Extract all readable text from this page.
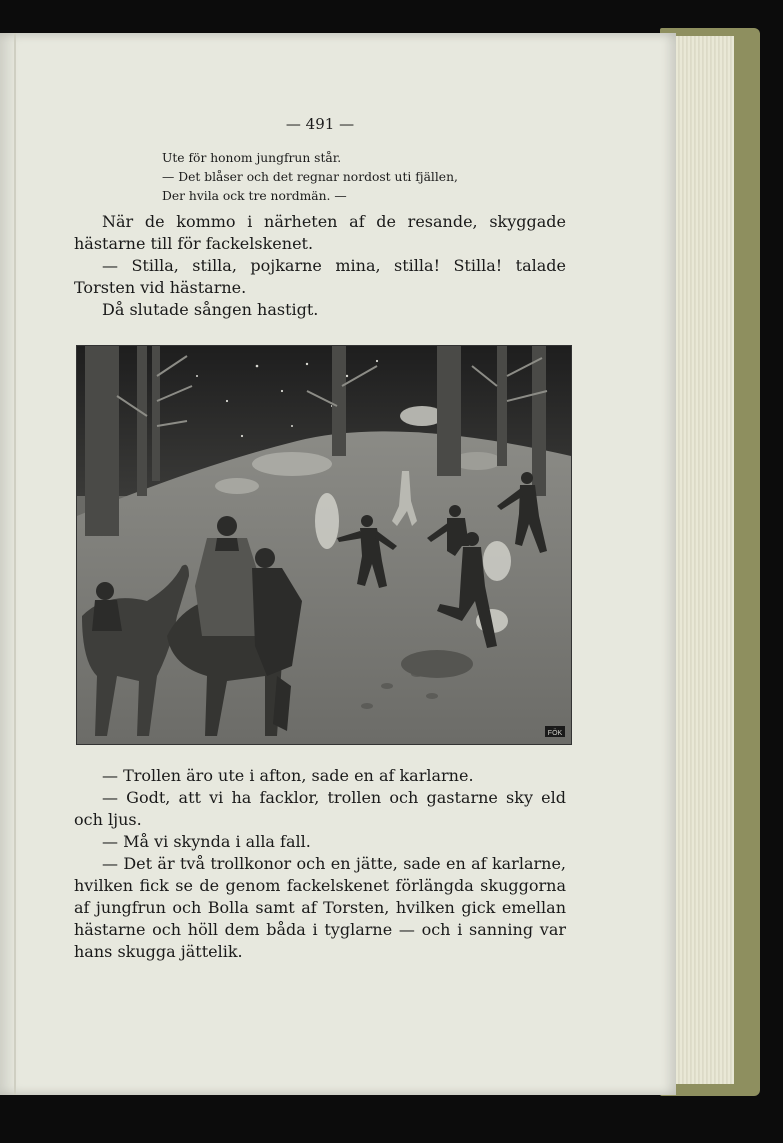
— 491 —
Ute för honom jungfrun står.
— Det blåser och det regnar nordost uti fjällen,
Der hvila ock tre nordmän. —

När de kommo i närheten af de resande, skyggade hästarne till för fackelskenet.

— Stilla, stilla, pojkarne mina, stilla! Stilla! talade Torsten vid hästarne.

Då slutade sången hastigt.

FÖK

— Trollen äro ute i afton, sade en af karlarne.

— Godt, att vi ha facklor, trollen och gastarne sky eld och ljus.

— Må vi skynda i alla fall.

— Det är två trollkonor och en jätte, sade en af karlarne, hvilken fick se de genom fackelskenet förlängda skuggorna af jungfrun och Bolla samt af Torsten, hvilken gick emellan hästarne och höll dem båda i tyglarne — och i sanning var hans skugga jättelik.
